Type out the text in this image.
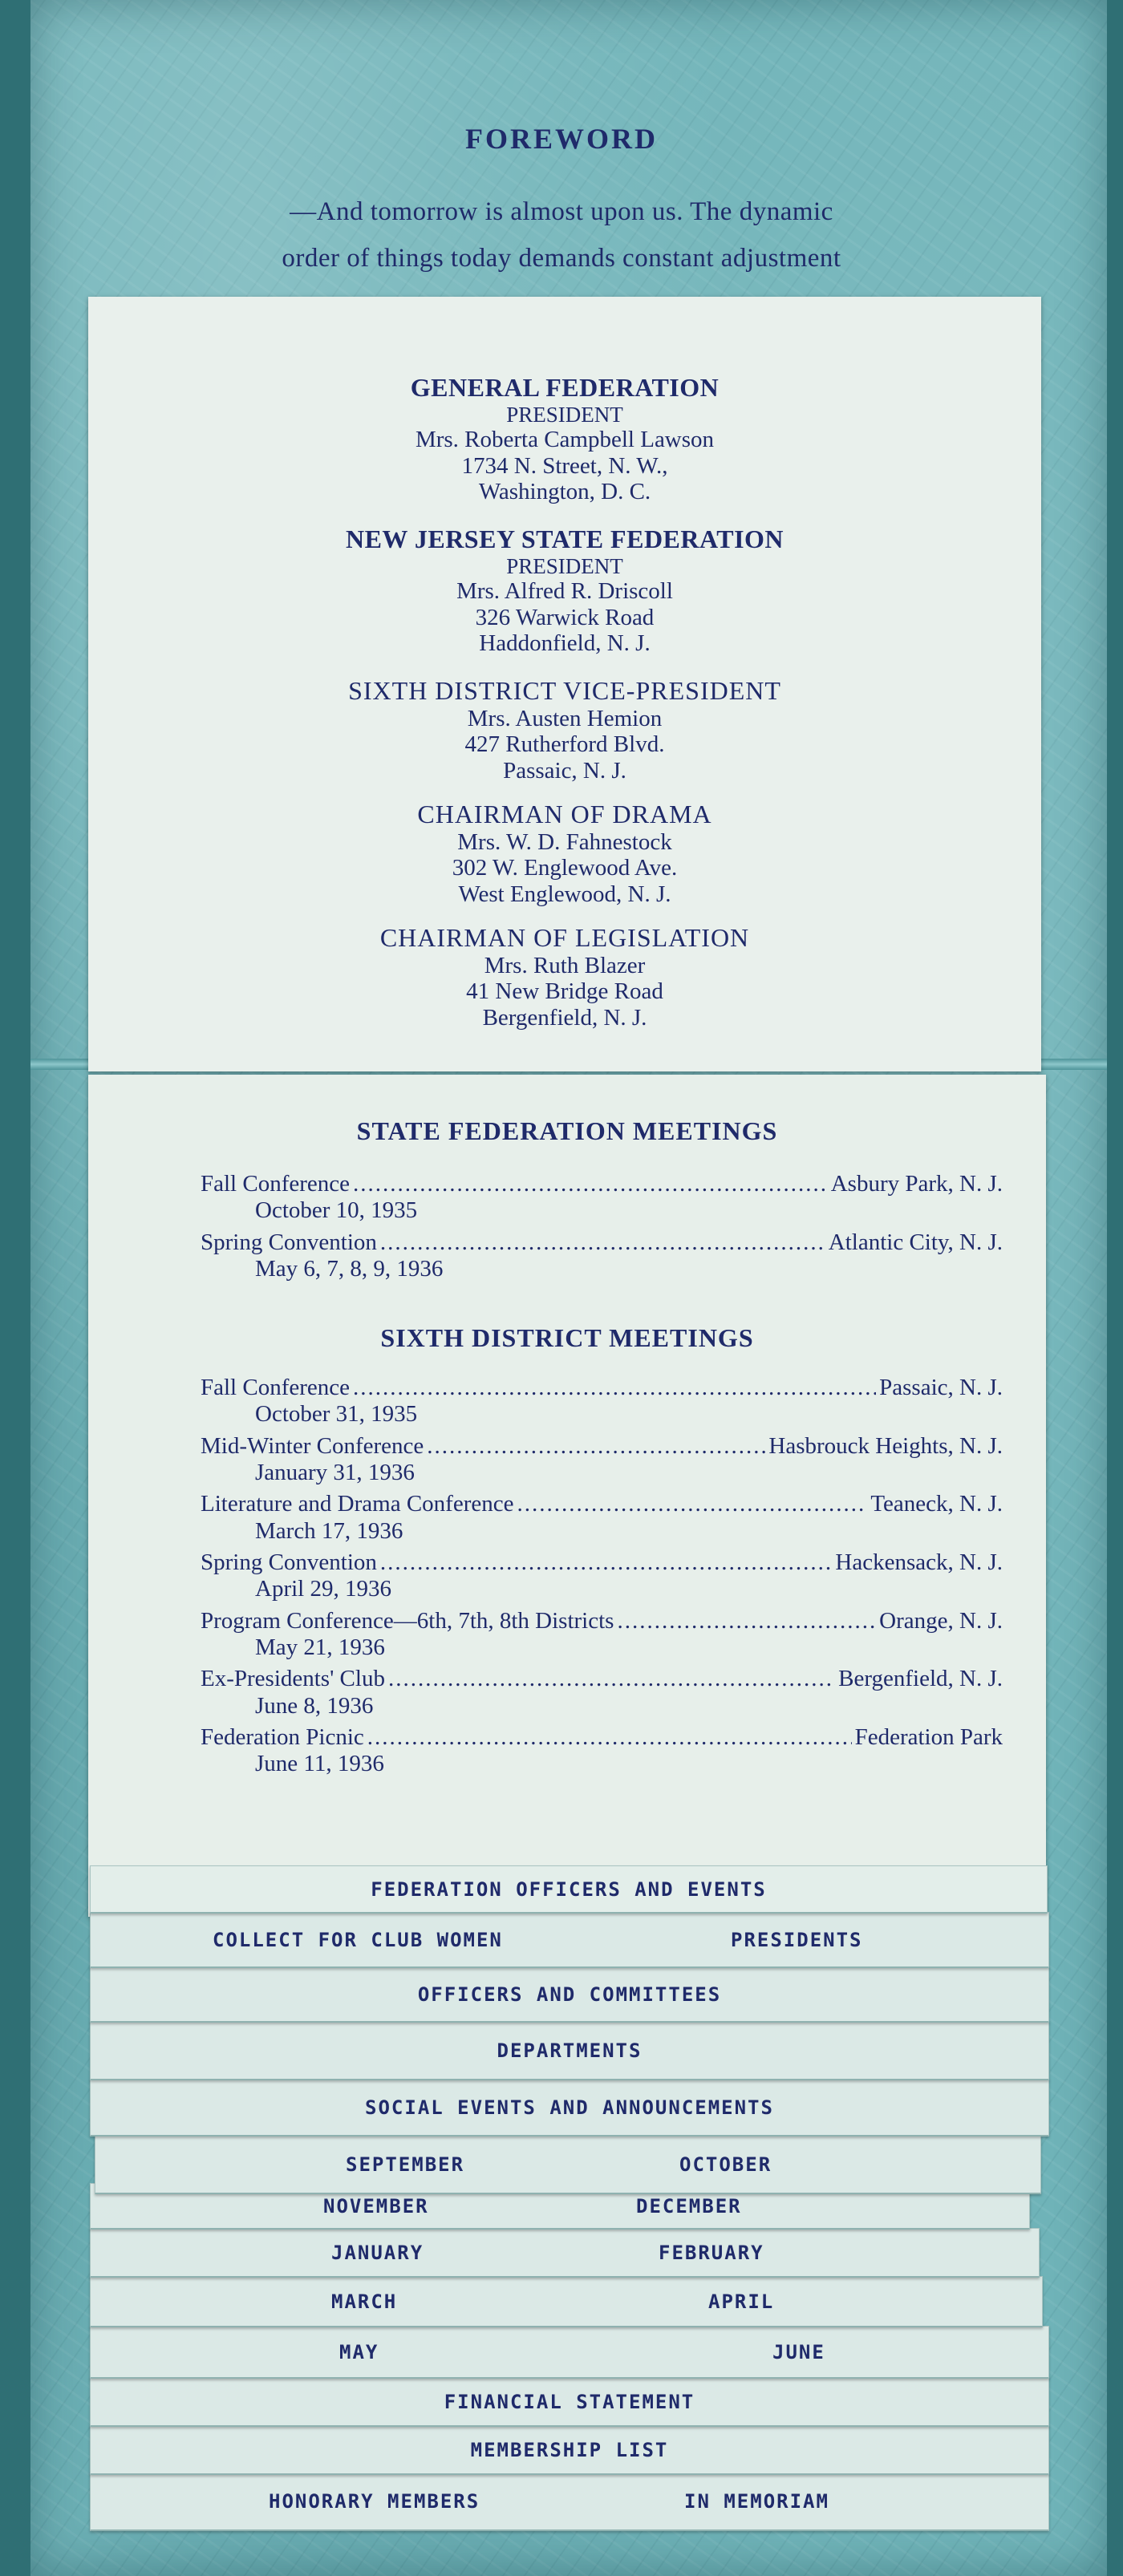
FOREWORD
—And tomorrow is almost upon us. The dynamic
order of things today demands constant adjustment
GENERAL FEDERATION
PRESIDENT
Mrs. Roberta Campbell Lawson
1734 N. Street, N. W.,
Washington, D. C.
NEW JERSEY STATE FEDERATION
PRESIDENT
Mrs. Alfred R. Driscoll
326 Warwick Road
Haddonfield, N. J.
SIXTH DISTRICT VICE-PRESIDENT
Mrs. Austen Hemion
427 Rutherford Blvd.
Passaic, N. J.
CHAIRMAN OF DRAMA
Mrs. W. D. Fahnestock
302 W. Englewood Ave.
West Englewood, N. J.
CHAIRMAN OF LEGISLATION
Mrs. Ruth Blazer
41 New Bridge Road
Bergenfield, N. J.
STATE FEDERATION MEETINGS
Fall Conference .....	Asbury Park, N. J.
October 10, 1935
Spring Convention .....	Atlantic City, N. J.
May 6, 7, 8, 9, 1936
SIXTH DISTRICT MEETINGS
Fall Conference .....	Passaic, N. J.
October 31, 1935
Mid-Winter Conference .....	Hasbrouck Heights, N. J.
January 31, 1936
Literature and Drama Conference .....	Teaneck, N. J.
March 17, 1936
Spring Convention .....	Hackensack, N. J.
April 29, 1936
Program Conference—6th, 7th, 8th Districts .....	Orange, N. J.
May 21, 1936
Ex-Presidents' Club .....	Bergenfield, N. J.
June 8, 1936
Federation Picnic .....	Federation Park
June 11, 1936
HONORARY MEMBERS	IN MEMORIAM
MEMBERSHIP LIST
FINANCIAL STATEMENT
MAY	JUNE
MARCH	APRIL
JANUARY	FEBRUARY
NOVEMBER	DECEMBER
SEPTEMBER	OCTOBER
SOCIAL EVENTS AND ANNOUNCEMENTS
DEPARTMENTS
OFFICERS AND COMMITTEES
COLLECT FOR CLUB WOMEN	PRESIDENTS
FEDERATION OFFICERS AND EVENTS
